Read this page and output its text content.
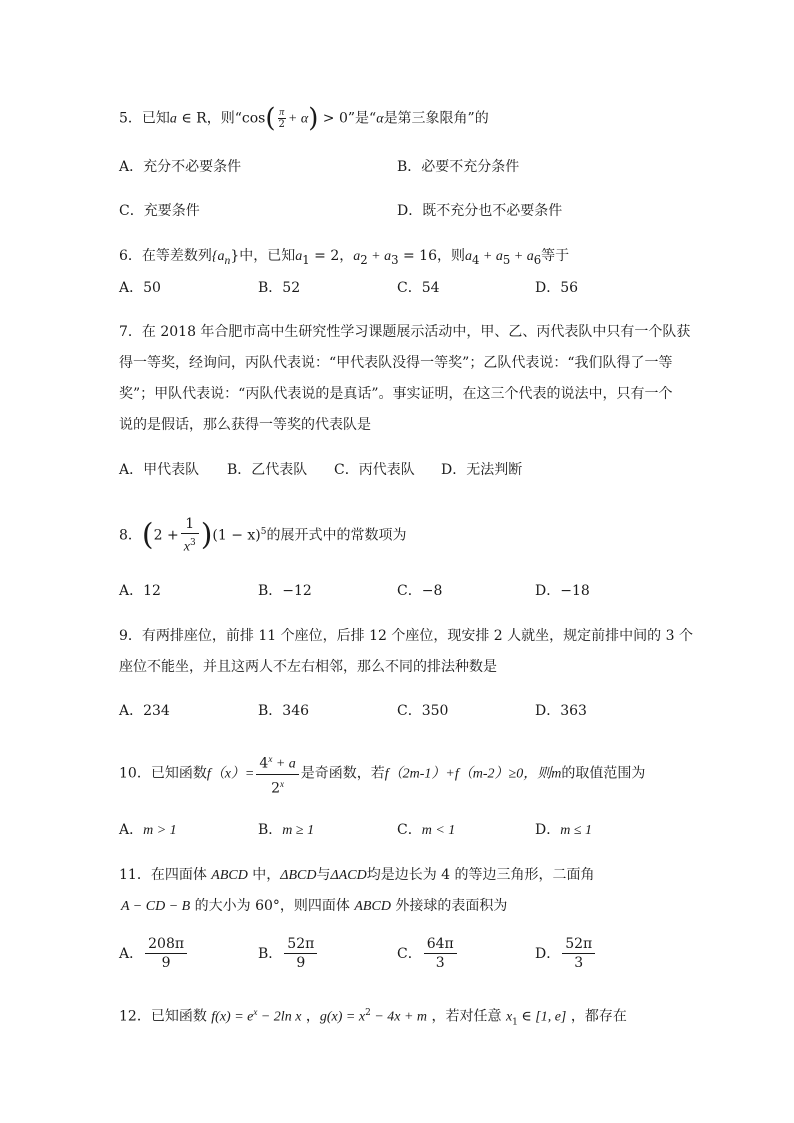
5．已知a ∈ R，则“$\cos( \frac{\pi}{2} + \alpha) > 0$”是“α是第三象限角”的
A．充分不必要条件	B．必要不充分条件
C．充要条件	D．既不充分也不必要条件
6．在等差数列$\{a_n\}$中，已知$a_1 = 2$，$a_2 + a_3 = 16$，则$a_4 + a_5 + a_6$等于
A．50	B．52	C．54	D．56
7．在 2018 年合肥市高中生研究性学习课题展示活动中，甲、乙、丙代表队中只有一个队获
得一等奖，经询问，丙队代表说：“甲代表队没得一等奖”；乙队代表说：“我们队得了一等
奖”；甲队代表说：“丙队代表说的是真话”。事实证明，在这三个代表的说法中，只有一个
说的是假话，那么获得一等奖的代表队是
A．甲代表队 B．乙代表队 C．丙代表队 D．无法判断
8．$(2 + \frac{1}{x^3} )(1 - x)^5$的展开式中的常数项为
A．12	B．−12	C．−8	D．−18
9．有两排座位，前排 11 个座位，后排 12 个座位，现安排 2 人就坐，规定前排中间的 3 个
座位不能坐，并且这两人不左右相邻，那么不同的排法种数是
A．234	B．346	C．350	D．363
10．已知函数$f(x)= \frac{4^x + a}{2^x}$ 是奇函数，若f（2m-1）+f（m-2）≥0，则m的取值范围为
A．m > 1	B．m ≥ 1	C．m < 1	D．m ≤ 1
11．在四面体 ABCD 中，ΔBCD与ΔACD均是边长为 4 的等边三角形，二面角
A − CD − B 的大小为 60°，则四面体 ABCD 外接球的表面积为
A． $\frac{208\pi}{9}$	B． $\frac{52\pi}{9}$	C． $\frac{64\pi}{3}$	D． $\frac{52\pi}{3}$
12．已知函数 $f(x) = e^x - 2\ln$ x ，$g(x) = x^2 - 4x + m$ ，若对任意 $x_1$ ∈ [1, e] ，都存在
